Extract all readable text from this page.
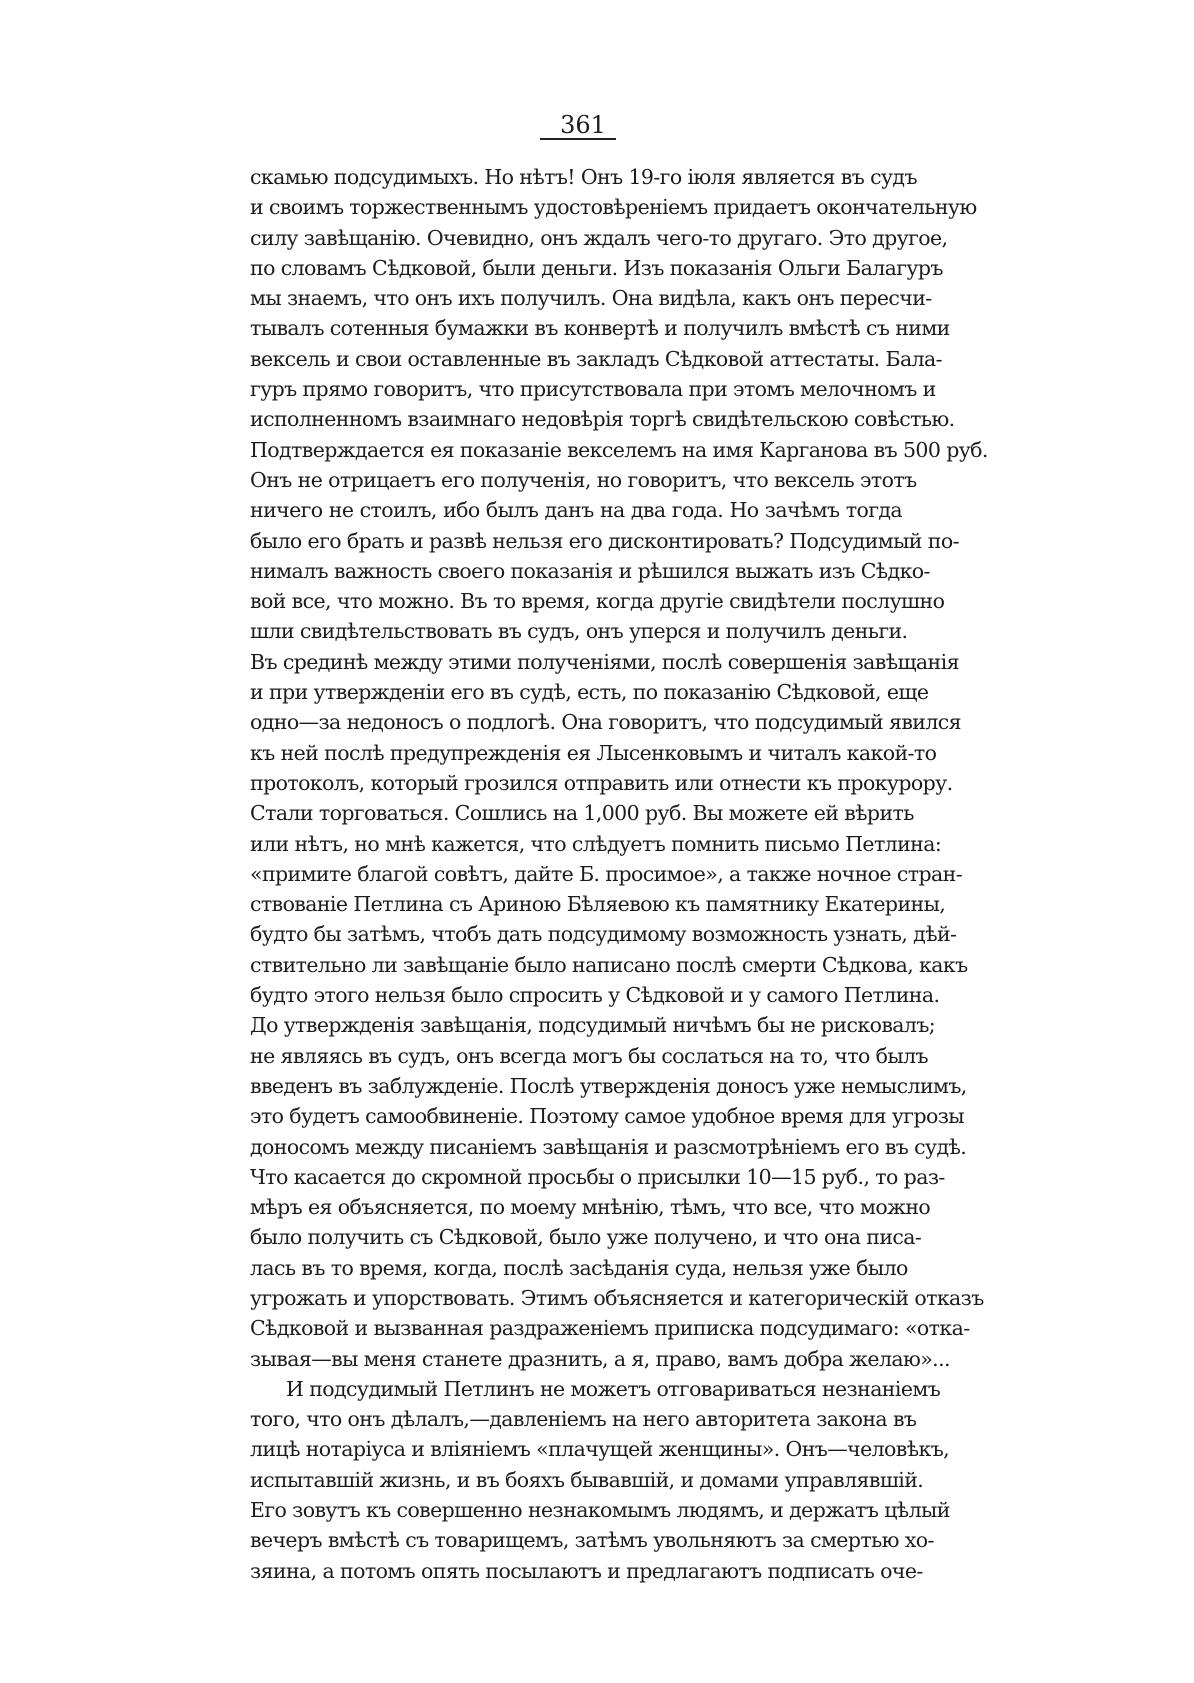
361
скамью подсудимыхъ. Но нѣтъ! Онъ 19-го іюля является въ судъ
и своимъ торжественнымъ удостовѣреніемъ придаетъ окончательную
силу завѣщанію. Очевидно, онъ ждалъ чего-то другаго. Это другое,
по словамъ Сѣдковой, были деньги. Изъ показанія Ольги Балагуръ
мы знаемъ, что онъ ихъ получилъ. Она видѣла, какъ онъ пересчи-
тывалъ сотенныя бумажки въ конвертѣ и получилъ вмѣстѣ съ ними
вексель и свои оставленные въ закладъ Сѣдковой аттестаты. Бала-
гуръ прямо говоритъ, что присутствовала при этомъ мелочномъ и
исполненномъ взаимнаго недовѣрія торгѣ свидѣтельскою совѣстью.
Подтверждается ея показаніе векселемъ на имя Карганова въ 500 руб.
Онъ не отрицаетъ его полученія, но говоритъ, что вексель этотъ
ничего не стоилъ, ибо былъ данъ на два года. Но зачѣмъ тогда
было его брать и развѣ нельзя его дисконтировать? Подсудимый по-
нималъ важность своего показанія и рѣшился выжать изъ Сѣдко-
вой все, что можно. Въ то время, когда другіе свидѣтели послушно
шли свидѣтельствовать въ судъ, онъ уперся и получилъ деньги.
Въ срединѣ между этими полученіями, послѣ совершенія завѣщанія
и при утвержденіи его въ судѣ, есть, по показанію Сѣдковой, еще
одно—за недоносъ о подлогѣ. Она говоритъ, что подсудимый явился
къ ней послѣ предупрежденія ея Лысенковымъ и читалъ какой-то
протоколъ, который грозился отправить или отнести къ прокурору.
Стали торговаться. Сошлись на 1,000 руб. Вы можете ей вѣрить
или нѣтъ, но мнѣ кажется, что слѣдуетъ помнить письмо Петлина:
«примите благой совѣтъ, дайте Б. просимое», а также ночное стран-
ствованіе Петлина съ Ариною Бѣляевою къ памятнику Екатерины,
будто бы затѣмъ, чтобъ дать подсудимому возможность узнать, дѣй-
ствительно ли завѣщаніе было написано послѣ смерти Сѣдкова, какъ
будто этого нельзя было спросить у Сѣдковой и у самого Петлина.
До утвержденія завѣщанія, подсудимый ничѣмъ бы не рисковалъ;
не являясь въ судъ, онъ всегда могъ бы сослаться на то, что былъ
введенъ въ заблужденіе. Послѣ утвержденія доносъ уже немыслимъ,
это будетъ самообвиненіе. Поэтому самое удобное время для угрозы
доносомъ между писаніемъ завѣщанія и разсмотрѣніемъ его въ судѣ.
Что касается до скромной просьбы о присылки 10—15 руб., то раз-
мѣръ ея объясняется, по моему мнѣнію, тѣмъ, что все, что можно
было получить съ Сѣдковой, было уже получено, и что она писа-
лась въ то время, когда, послѣ засѣданія суда, нельзя уже было
угрожать и упорствовать. Этимъ объясняется и категорическій отказъ
Сѣдковой и вызванная раздраженіемъ приписка подсудимаго: «отка-
зывая—вы меня станете дразнить, а я, право, вамъ добра желаю»...
И подсудимый Петлинъ не можетъ отговариваться незнаніемъ
того, что онъ дѣлалъ,—давленіемъ на него авторитета закона въ
лицѣ нотаріуса и вліяніемъ «плачущей женщины». Онъ—человѣкъ,
испытавшій жизнь, и въ бояхъ бывавшій, и домами управлявшій.
Его зовутъ къ совершенно незнакомымъ людямъ, и держатъ цѣлый
вечеръ вмѣстѣ съ товарищемъ, затѣмъ увольняютъ за смертью хо-
зяина, а потомъ опять посылаютъ и предлагаютъ подписать оче-
